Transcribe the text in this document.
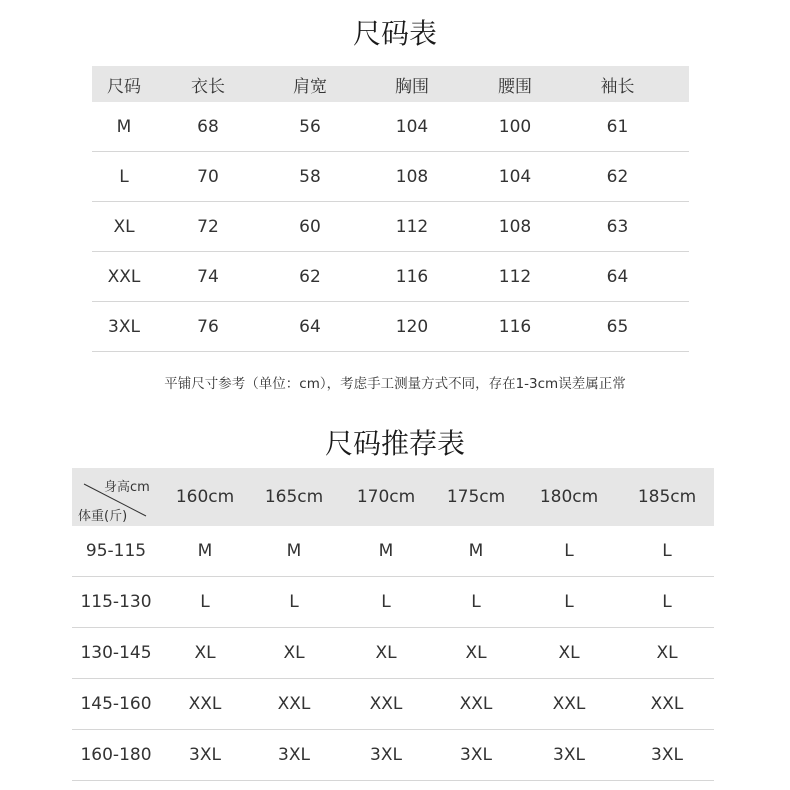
尺码表
尺码	衣长	肩宽	胸围	腰围	袖长
M	68	56	104	100	61
L	70	58	108	104	62
XL	72	60	112	108	63
XXL	74	62	116	112	64
3XL	76	64	120	116	65
平铺尺寸参考（单位：cm），考虑手工测量方式不同，存在1-3cm误差属正常
尺码推荐表
身高cm
体重(斤)
160cm	165cm	170cm	175cm	180cm	185cm
95-115	M	M	M	M	L	L
115-130	L	L	L	L	L	L
130-145	XL	XL	XL	XL	XL	XL
145-160	XXL	XXL	XXL	XXL	XXL	XXL
160-180	3XL	3XL	3XL	3XL	3XL	3XL
